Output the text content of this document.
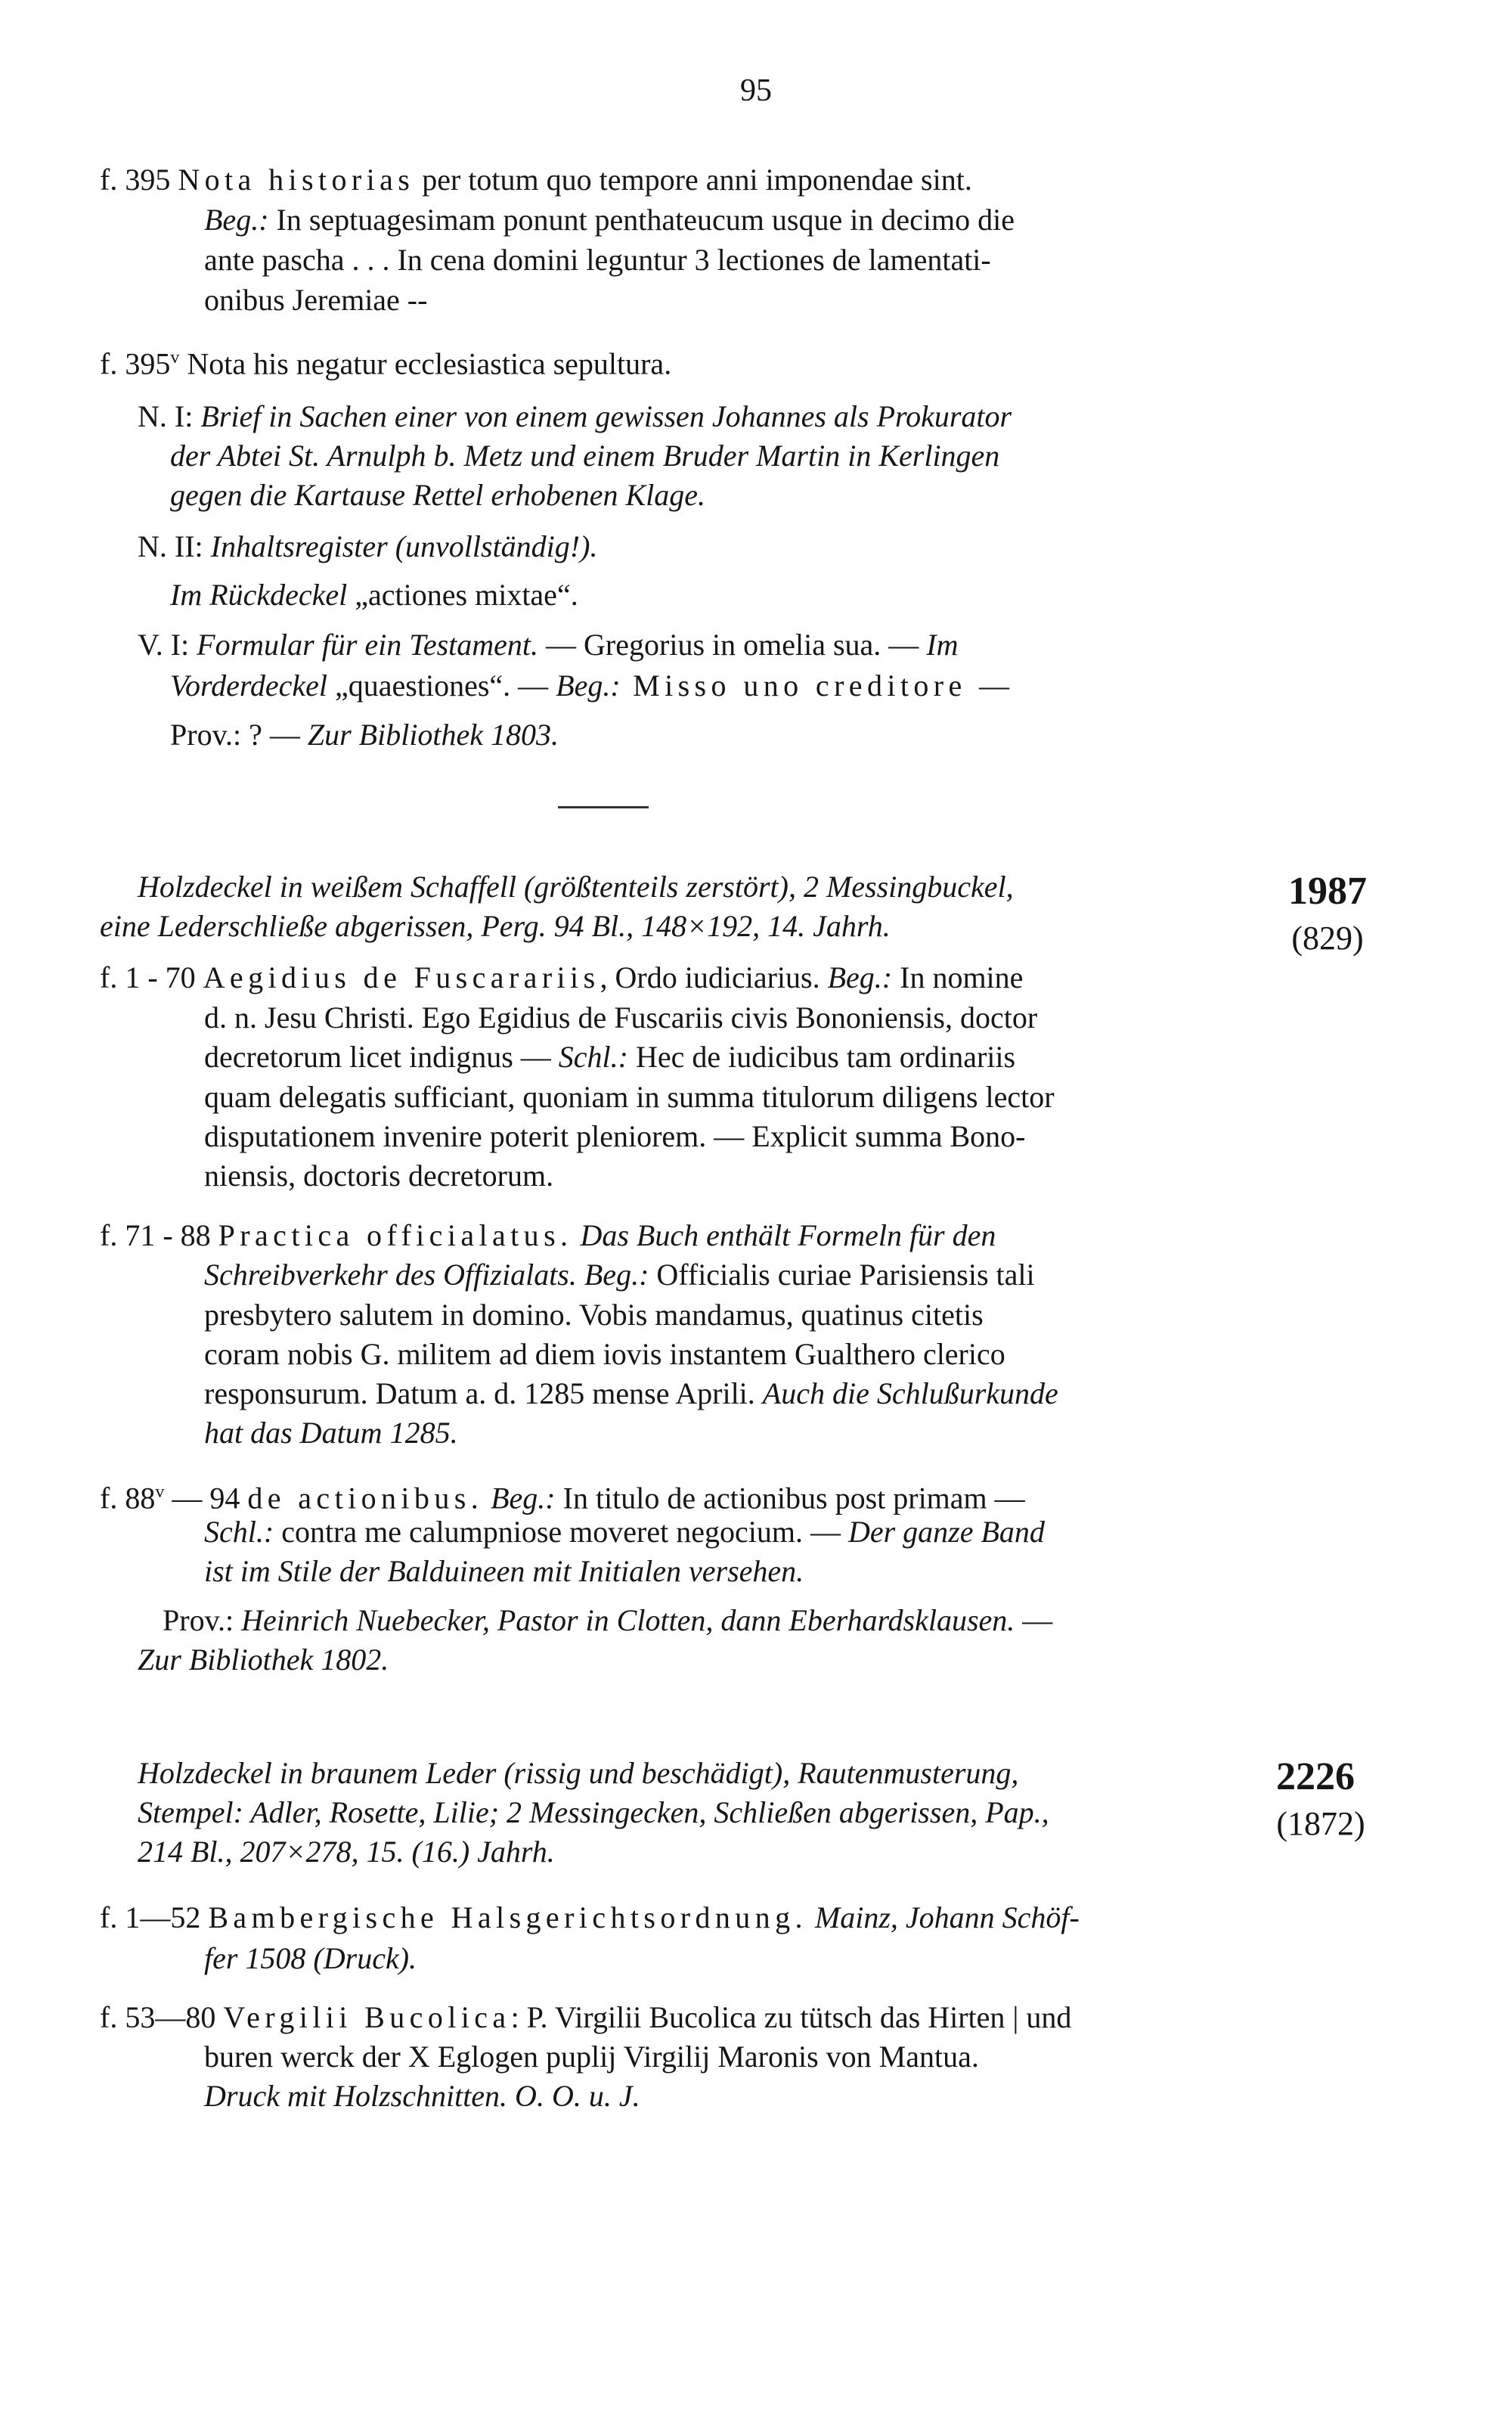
95
f. 395 Nota historias per totum quo tempore anni imponendae sint.
Beg.: In septuagesimam ponunt penthateucum usque in decimo die
ante pascha . . . In cena domini leguntur 3 lectiones de lamentati-
onibus Jeremiae --
f. 395$^v$ Nota his negatur ecclesiastica sepultura.
N. I: Brief in Sachen einer von einem gewissen Johannes als Prokurator
der Abtei St. Arnulph b. Metz und einem Bruder Martin in Kerlingen
gegen die Kartause Rettel erhobenen Klage.
N. II: Inhaltsregister (unvollständig!).
Im Rückdeckel „actiones mixtae“.
V. I: Formular für ein Testament. — Gregorius in omelia sua. — Im
Vorderdeckel „quaestiones“. — Beg.: Misso uno creditore —
Prov.: ? — Zur Bibliothek 1803.
Holzdeckel in weißem Schaffell (größtenteils zerstört), 2 Messingbuckel,
eine Lederschließe abgerissen, Perg. 94 Bl., 148×192, 14. Jahrh.
1987
(829)
f. 1 - 70 Aegidius de Fuscarariis, Ordo iudiciarius. Beg.: In nomine
d. n. Jesu Christi. Ego Egidius de Fuscariis civis Bononiensis, doctor
decretorum licet indignus — Schl.: Hec de iudicibus tam ordinariis
quam delegatis sufficiant, quoniam in summa titulorum diligens lector
disputationem invenire poterit pleniorem. — Explicit summa Bono-
niensis, doctoris decretorum.
f. 71 - 88 Practica officialatus. Das Buch enthält Formeln für den
Schreibverkehr des Offizialats. Beg.: Officialis curiae Parisiensis tali
presbytero salutem in domino. Vobis mandamus, quatinus citetis
coram nobis G. militem ad diem iovis instantem Gualthero clerico
responsurum. Datum a. d. 1285 mense Aprili. Auch die Schlußurkunde
hat das Datum 1285.
f. 88$^v$ — 94 de actionibus. Beg.: In titulo de actionibus post primam —
Schl.: contra me calumpniose moveret negocium. — Der ganze Band
ist im Stile der Balduineen mit Initialen versehen.
Prov.: Heinrich Nuebecker, Pastor in Clotten, dann Eberhardsklausen. —
Zur Bibliothek 1802.
Holzdeckel in braunem Leder (rissig und beschädigt), Rautenmusterung,
Stempel: Adler, Rosette, Lilie; 2 Messingecken, Schließen abgerissen, Pap.,
214 Bl., 207×278, 15. (16.) Jahrh.
2226
(1872)
f. 1—52 Bambergische Halsgerichtsordnung. Mainz, Johann Schöf-
fer 1508 (Druck).
f. 53—80 Vergilii Bucolica: P. Virgilii Bucolica zu tütsch das Hirten | und
buren werck der X Eglogen puplij Virgilij Maronis von Mantua.
Druck mit Holzschnitten. O. O. u. J.
